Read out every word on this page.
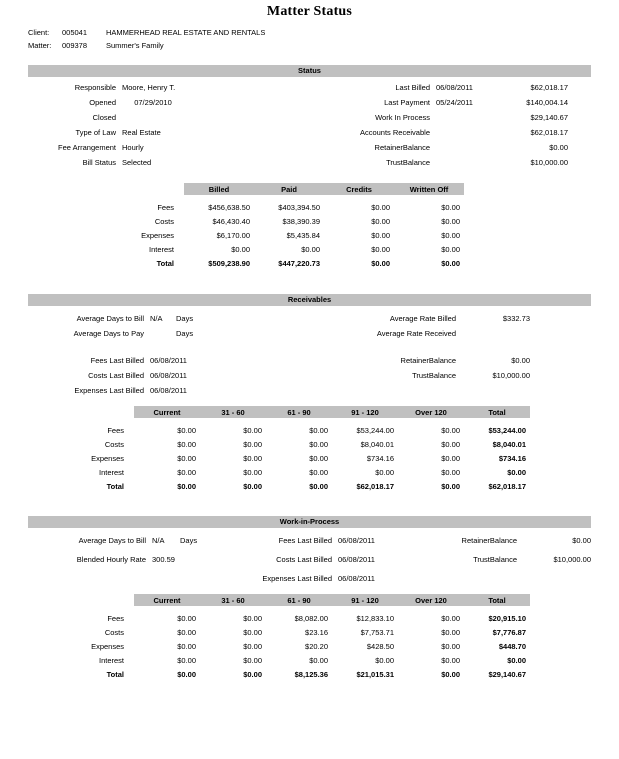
Matter Status
Client:	005041	HAMMERHEAD REAL ESTATE AND RENTALS
Matter:	009378	Summer's Family
Status
Responsible Moore, Henry T.
Opened	07/29/2010
Closed
Type of Law Real Estate
Fee Arrangement Hourly
Bill Status Selected
Last Billed 06/08/2011	$62,018.17
Last Payment 05/24/2011	$140,004.14
Work In Process	$29,140.67
Accounts Receivable	$62,018.17
RetainerBalance	$0.00
TrustBalance	$10,000.00
	Billed	Paid	Credits	Written Off

Fees	$456,638.50	$403,394.50	$0.00	$0.00
Costs	$46,430.40	$38,390.39	$0.00	$0.00
Expenses	$6,170.00	$5,435.84	$0.00	$0.00
Interest	$0.00	$0.00	$0.00	$0.00
Total	$509,238.90	$447,220.73	$0.00	$0.00
Receivables
Average Days to Bill N/A	Days
Average Days to Pay	Days
Fees Last Billed 06/08/2011
Costs Last Billed 06/08/2011
Expenses Last Billed 06/08/2011
Average Rate Billed	$332.73
Average Rate Received
RetainerBalance	$0.00
TrustBalance	$10,000.00
	Current	31 - 60	61 - 90	91 - 120	Over 120	Total

Fees	$0.00	$0.00	$0.00	$53,244.00	$0.00	$53,244.00
Costs	$0.00	$0.00	$0.00	$8,040.01	$0.00	$8,040.01
Expenses	$0.00	$0.00	$0.00	$734.16	$0.00	$734.16
Interest	$0.00	$0.00	$0.00	$0.00	$0.00	$0.00
Total	$0.00	$0.00	$0.00	$62,018.17	$0.00	$62,018.17
Work-in-Process
Average Days to Bill N/A	Days
Blended Hourly Rate 300.59
Fees Last Billed 06/08/2011
Costs Last Billed 06/08/2011
Expenses Last Billed 06/08/2011
RetainerBalance	$0.00
TrustBalance	$10,000.00
	Current	31 - 60	61 - 90	91 - 120	Over 120	Total

Fees	$0.00	$0.00	$8,082.00	$12,833.10	$0.00	$20,915.10
Costs	$0.00	$0.00	$23.16	$7,753.71	$0.00	$7,776.87
Expenses	$0.00	$0.00	$20.20	$428.50	$0.00	$448.70
Interest	$0.00	$0.00	$0.00	$0.00	$0.00	$0.00
Total	$0.00	$0.00	$8,125.36	$21,015.31	$0.00	$29,140.67
